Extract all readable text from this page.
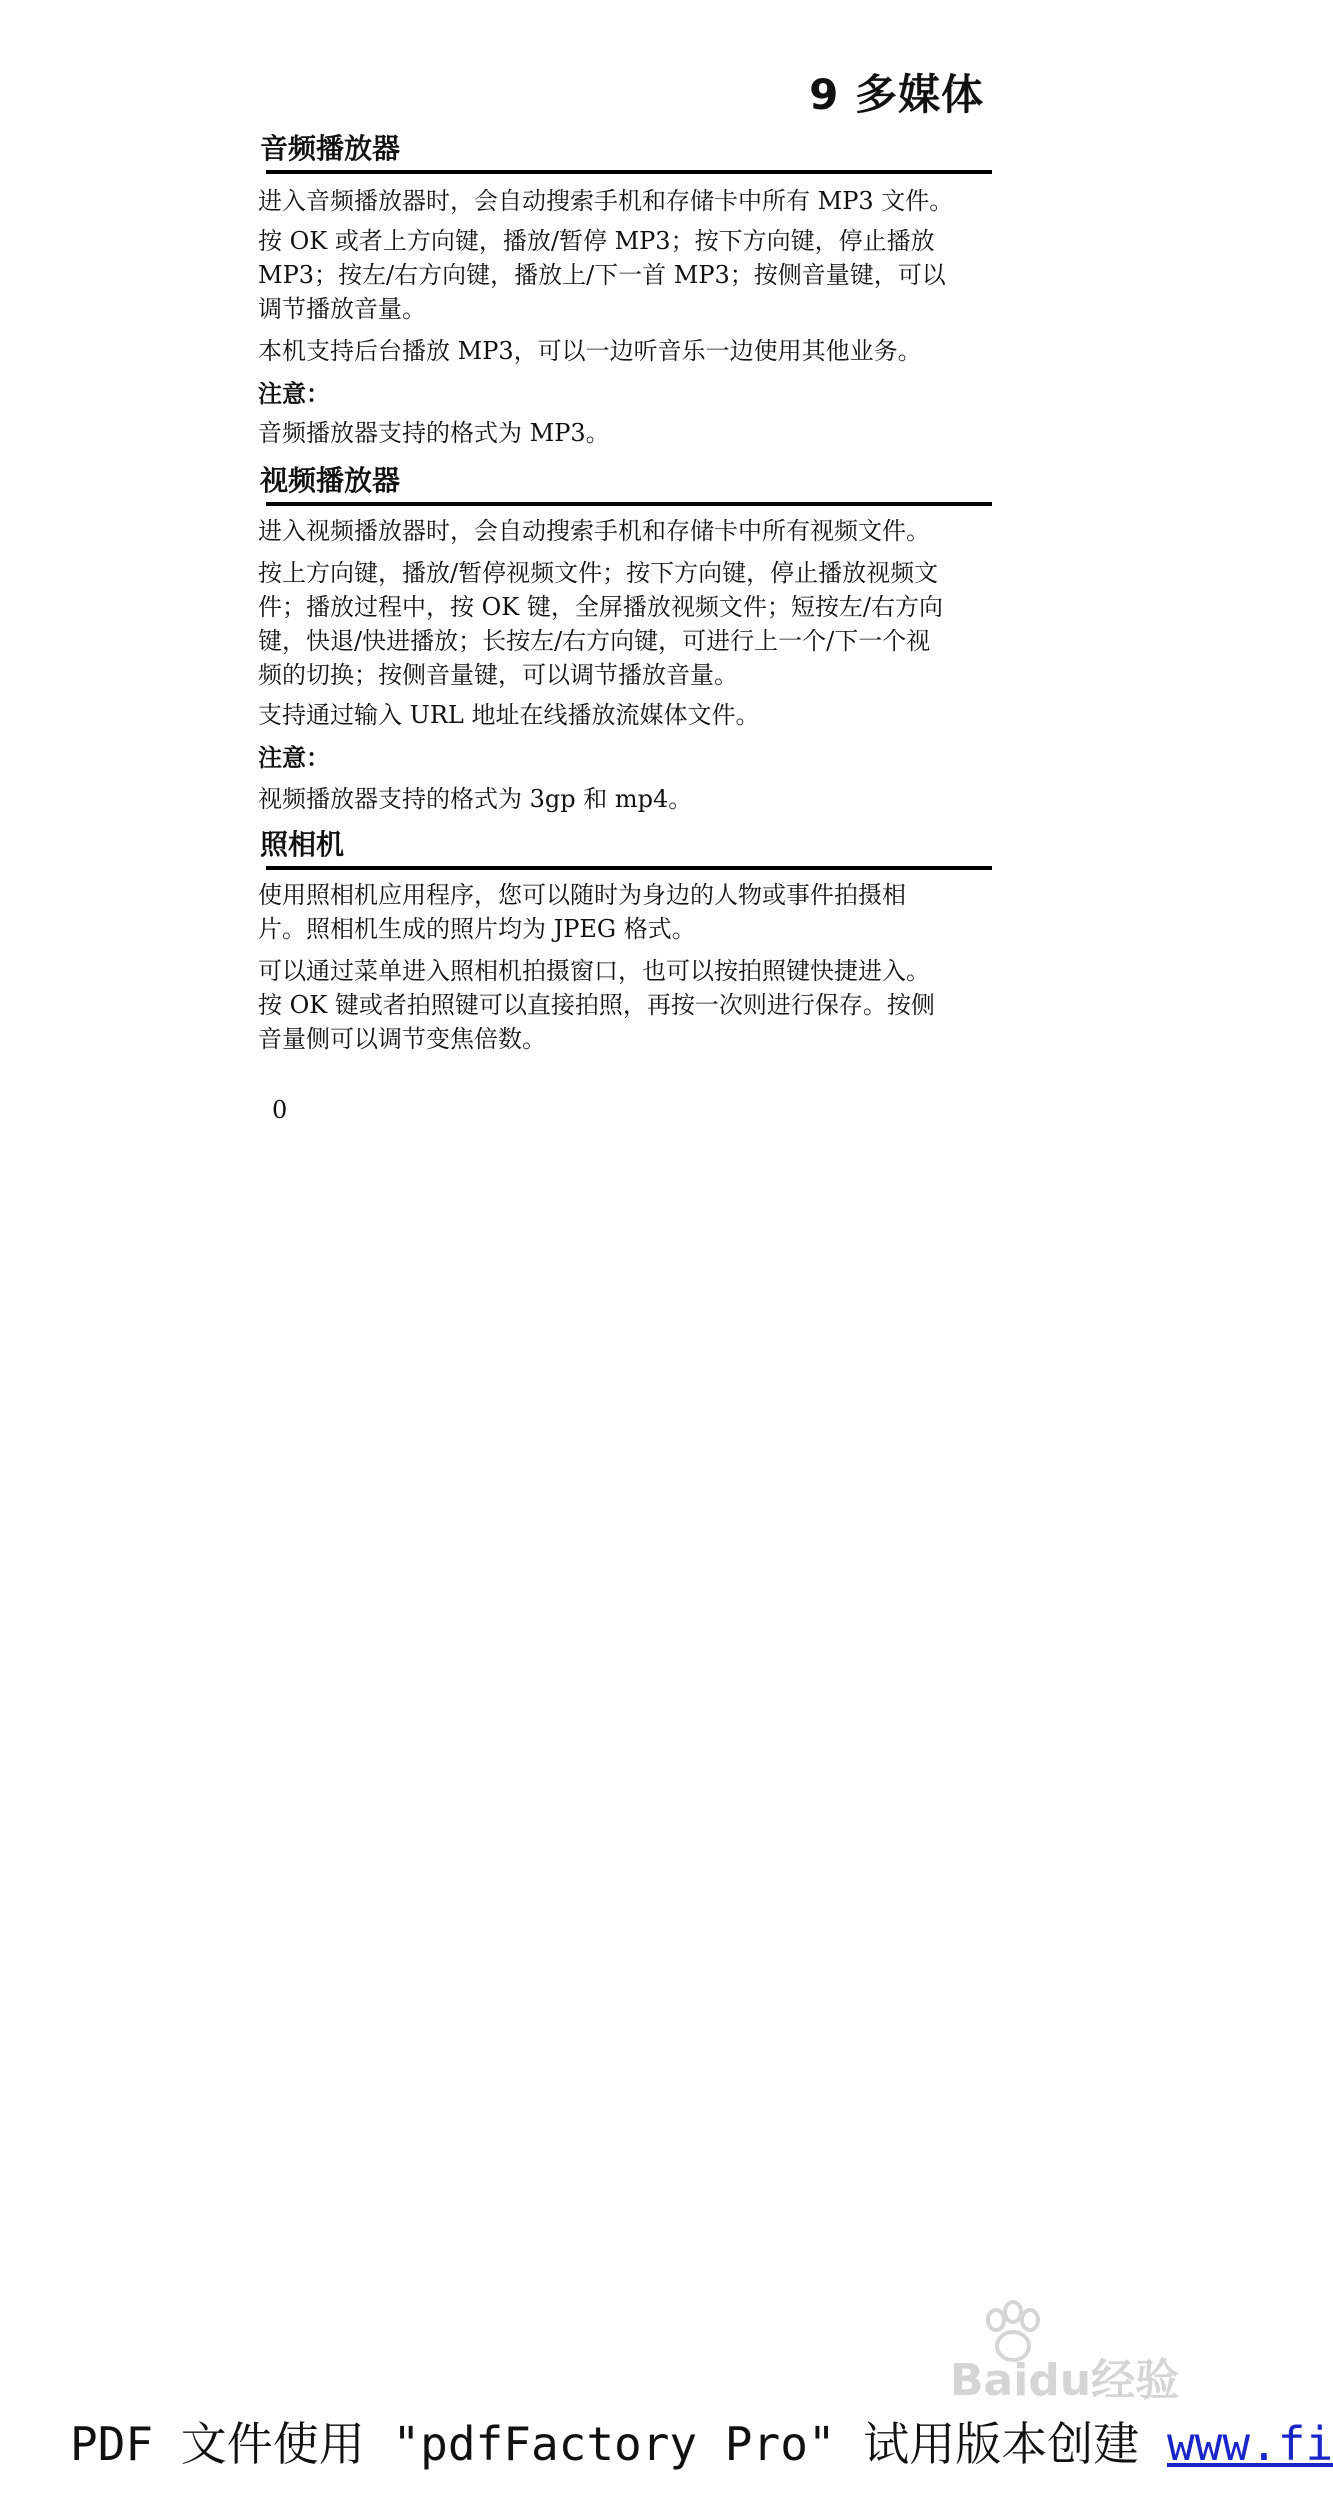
9 多媒体
音频播放器
进入音频播放器时，会自动搜索手机和存储卡中所有 MP3 文件。
按 OK 或者上方向键，播放/暂停 MP3；按下方向键，停止播放
MP3；按左/右方向键，播放上/下一首 MP3；按侧音量键，可以
调节播放音量。
本机支持后台播放 MP3，可以一边听音乐一边使用其他业务。
注意：
音频播放器支持的格式为 MP3。
视频播放器
进入视频播放器时，会自动搜索手机和存储卡中所有视频文件。
按上方向键，播放/暂停视频文件；按下方向键，停止播放视频文
件；播放过程中，按 OK 键，全屏播放视频文件；短按左/右方向
键，快退/快进播放；长按左/右方向键，可进行上一个/下一个视
频的切换；按侧音量键，可以调节播放音量。
支持通过输入 URL 地址在线播放流媒体文件。
注意：
视频播放器支持的格式为 3gp 和 mp4。
照相机
使用照相机应用程序，您可以随时为身边的人物或事件拍摄相
片。照相机生成的照片均为 JPEG 格式。
可以通过菜单进入照相机拍摄窗口，也可以按拍照键快捷进入。
按 OK 键或者拍照键可以直接拍照，再按一次则进行保存。按侧
音量侧可以调节变焦倍数。
0
Baidu经验
PDF 文件使用 "pdfFactory Pro" 试用版本创建 www.fi
